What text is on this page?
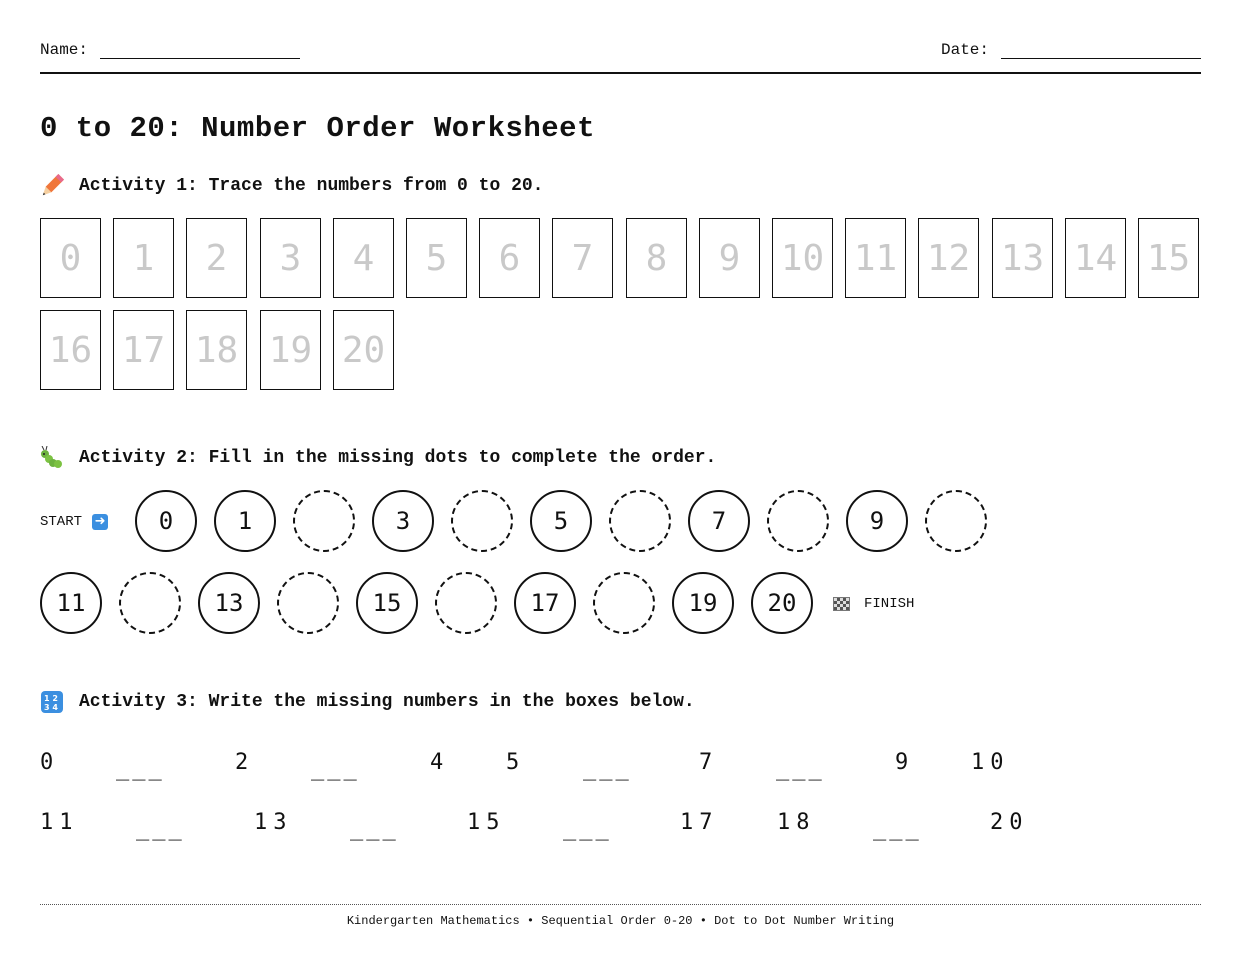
Name:	Date:
0 to 20: Number Order Worksheet
Activity 1: Trace the numbers from 0 to 20.
0	1	2	3	4	5	6	7	8	9	10 11 12 13 14 15
16 17 18 19 20
Activity 2: Fill in the missing dots to complete the order.
START ➜	0	1	3	5	7	9
11	13	15	17	19	20	FINISH
1 2
3 4 Activity 3: Write the missing numbers in the boxes below.
0	___	2	___	4	5	___	7	___	9	10
11	___	13	___	15	___	17	18	___	20
Kindergarten Mathematics • Sequential Order 0-20 • Dot to Dot Number Writing
